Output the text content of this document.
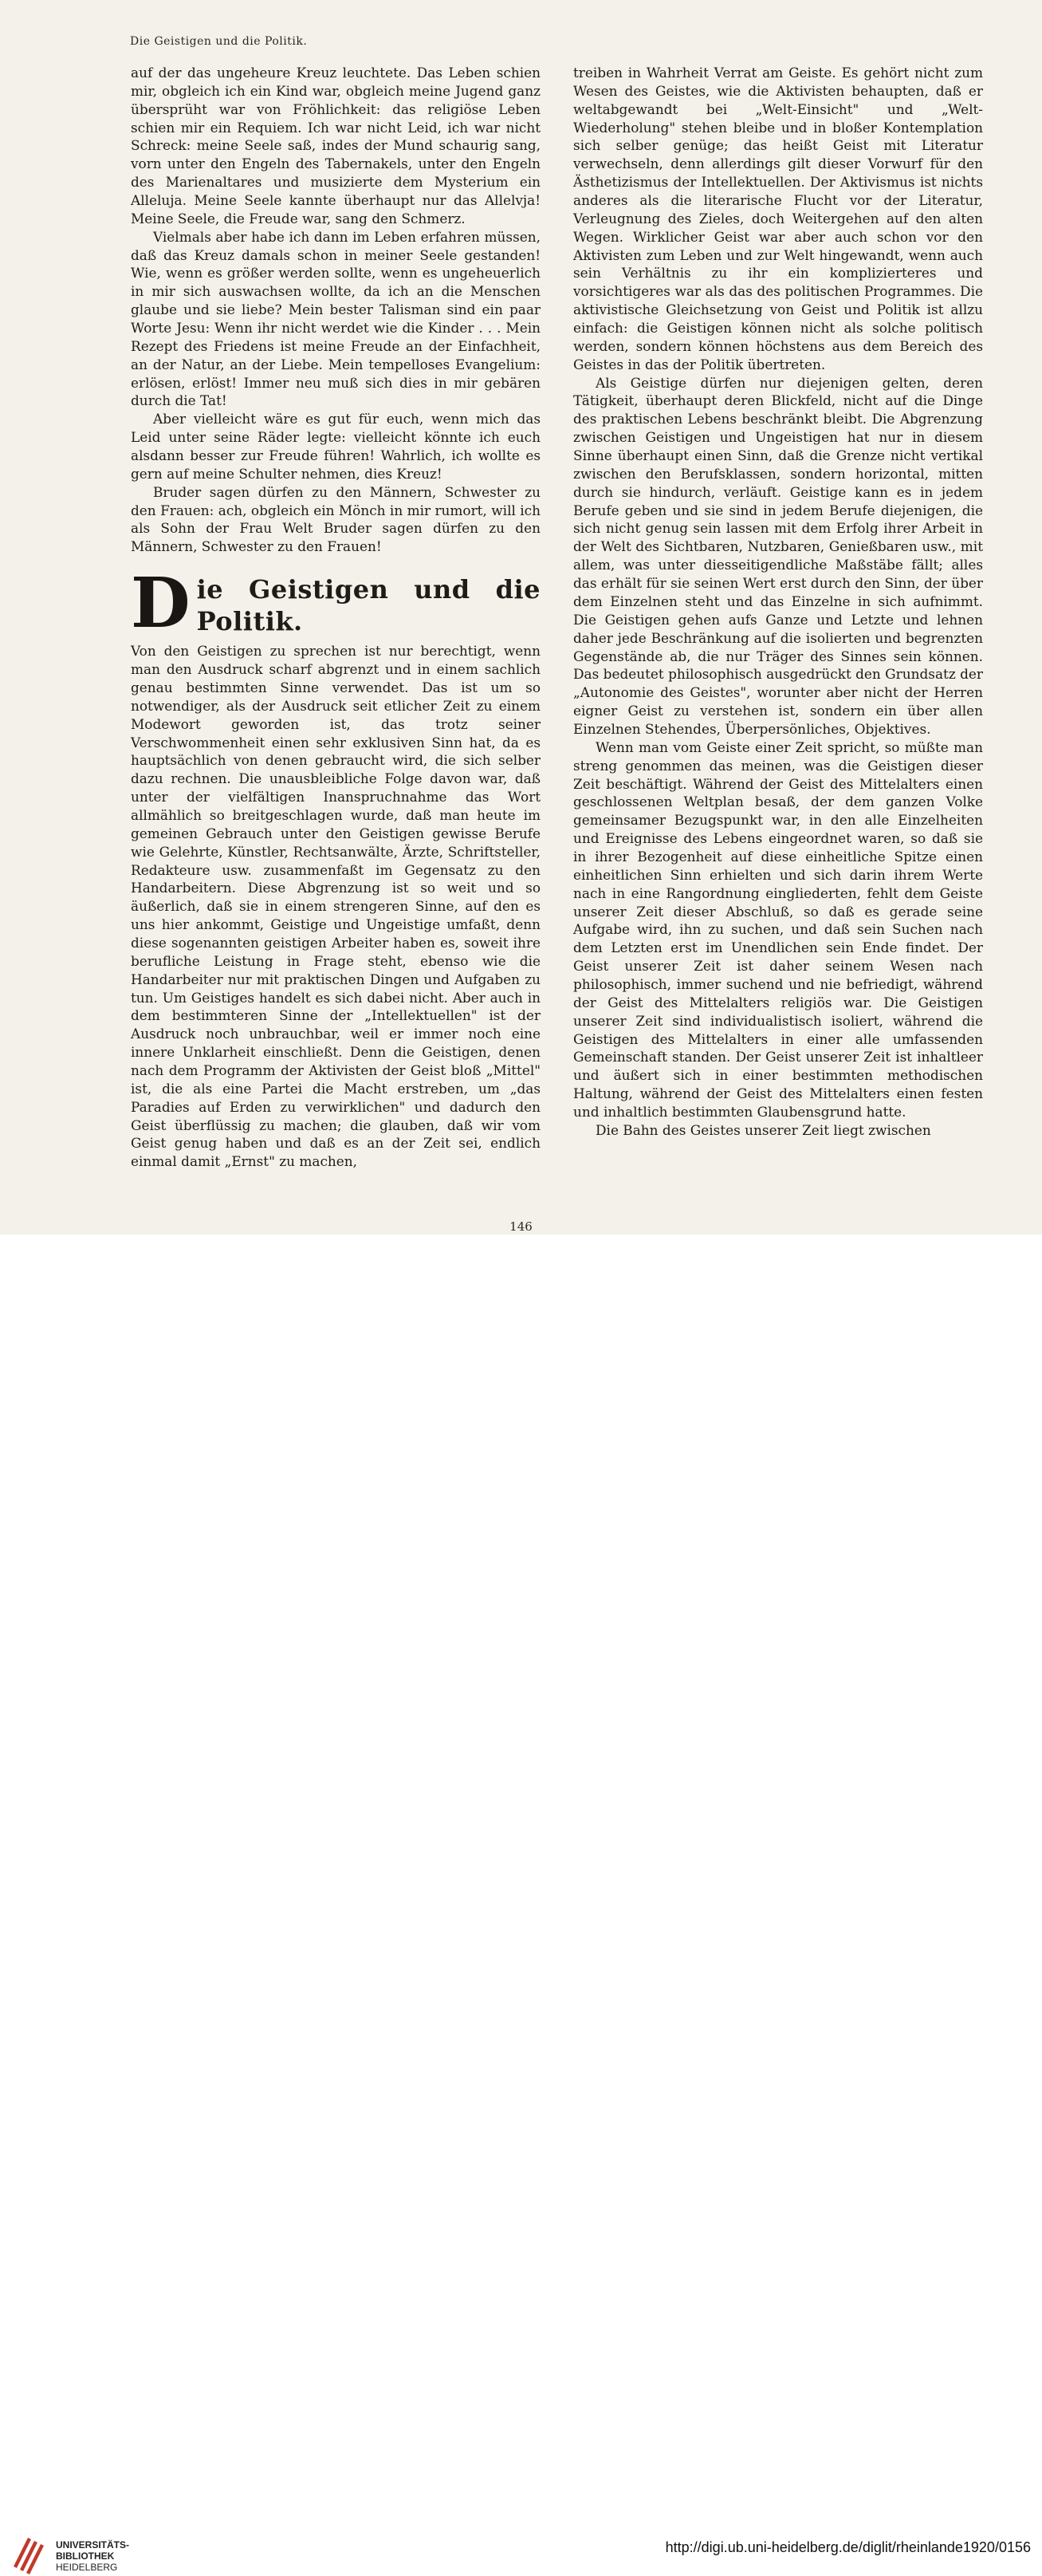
Die Geistigen und die Politik.

auf der das ungeheure Kreuz leuchtete. Das Leben schien mir, obgleich ich ein Kind war, obgleich meine Jugend ganz übersprüht war von Fröhlichkeit: das religiöse Leben schien mir ein Requiem. Ich war nicht Leid, ich war nicht Schreck: meine Seele saß, indes der Mund schaurig sang, vorn unter den Engeln des Tabernakels, unter den Engeln des Marienaltares und musizierte dem Mysterium ein Alleluja. Meine Seele kannte überhaupt nur das Allelvja! Meine Seele, die Freude war, sang den Schmerz.

Vielmals aber habe ich dann im Leben erfahren müssen, daß das Kreuz damals schon in meiner Seele gestanden! Wie, wenn es größer werden sollte, wenn es ungeheuerlich in mir sich auswachsen wollte, da ich an die Menschen glaube und sie liebe? Mein bester Talisman sind ein paar Worte Jesu: Wenn ihr nicht werdet wie die Kinder . . . Mein Rezept des Friedens ist meine Freude an der Einfachheit, an der Natur, an der Liebe. Mein tempelloses Evangelium: erlösen, erlöst! Immer neu muß sich dies in mir gebären durch die Tat!

Aber vielleicht wäre es gut für euch, wenn mich das Leid unter seine Räder legte: vielleicht könnte ich euch alsdann besser zur Freude führen! Wahrlich, ich wollte es gern auf meine Schulter nehmen, dies Kreuz!

Bruder sagen dürfen zu den Männern, Schwester zu den Frauen: ach, obgleich ein Mönch in mir rumort, will ich als Sohn der Frau Welt Bruder sagen dürfen zu den Männern, Schwester zu den Frauen!

D ie Geistigen und die Politik.

Von den Geistigen zu sprechen ist nur berechtigt, wenn man den Ausdruck scharf abgrenzt und in einem sachlich genau bestimmten Sinne verwendet. Das ist um so notwendiger, als der Ausdruck seit etlicher Zeit zu einem Modewort geworden ist, das trotz seiner Verschwommenheit einen sehr exklusiven Sinn hat, da es hauptsächlich von denen gebraucht wird, die sich selber dazu rechnen. Die unausbleibliche Folge davon war, daß unter der vielfältigen Inanspruchnahme das Wort allmählich so breitgeschlagen wurde, daß man heute im gemeinen Gebrauch unter den Geistigen gewisse Berufe wie Gelehrte, Künstler, Rechtsanwälte, Ärzte, Schriftsteller, Redakteure usw. zusammenfaßt im Gegensatz zu den Handarbeitern. Diese Abgrenzung ist so weit und so äußerlich, daß sie in einem strengeren Sinne, auf den es uns hier ankommt, Geistige und Ungeistige umfaßt, denn diese sogenannten geistigen Arbeiter haben es, soweit ihre berufliche Leistung in Frage steht, ebenso wie die Handarbeiter nur mit praktischen Dingen und Aufgaben zu tun. Um Geistiges handelt es sich dabei nicht. Aber auch in dem bestimmteren Sinne der „Intellektuellen" ist der Ausdruck noch unbrauchbar, weil er immer noch eine innere Unklarheit einschließt. Denn die Geistigen, denen nach dem Programm der Aktivisten der Geist bloß „Mittel" ist, die als eine Partei die Macht erstreben, um „das Paradies auf Erden zu verwirklichen" und dadurch den Geist überflüssig zu machen; die glauben, daß wir vom Geist genug haben und daß es an der Zeit sei, endlich einmal damit „Ernst" zu machen,

treiben in Wahrheit Verrat am Geiste. Es gehört nicht zum Wesen des Geistes, wie die Aktivisten behaupten, daß er weltabgewandt bei „Welt-Einsicht" und „Welt-Wiederholung" stehen bleibe und in bloßer Kontemplation sich selber genüge; das heißt Geist mit Literatur verwechseln, denn allerdings gilt dieser Vorwurf für den Ästhetizismus der Intellektuellen. Der Aktivismus ist nichts anderes als die literarische Flucht vor der Literatur, Verleugnung des Zieles, doch Weitergehen auf den alten Wegen. Wirklicher Geist war aber auch schon vor den Aktivisten zum Leben und zur Welt hingewandt, wenn auch sein Verhältnis zu ihr ein komplizierteres und vorsichtigeres war als das des politischen Programmes. Die aktivistische Gleichsetzung von Geist und Politik ist allzu einfach: die Geistigen können nicht als solche politisch werden, sondern können höchstens aus dem Bereich des Geistes in das der Politik übertreten.

Als Geistige dürfen nur diejenigen gelten, deren Tätigkeit, überhaupt deren Blickfeld, nicht auf die Dinge des praktischen Lebens beschränkt bleibt. Die Abgrenzung zwischen Geistigen und Ungeistigen hat nur in diesem Sinne überhaupt einen Sinn, daß die Grenze nicht vertikal zwischen den Berufsklassen, sondern horizontal, mitten durch sie hindurch, verläuft. Geistige kann es in jedem Berufe geben und sie sind in jedem Berufe diejenigen, die sich nicht genug sein lassen mit dem Erfolg ihrer Arbeit in der Welt des Sichtbaren, Nutzbaren, Genießbaren usw., mit allem, was unter diesseitigendliche Maßstäbe fällt; alles das erhält für sie seinen Wert erst durch den Sinn, der über dem Einzelnen steht und das Einzelne in sich aufnimmt. Die Geistigen gehen aufs Ganze und Letzte und lehnen daher jede Beschränkung auf die isolierten und begrenzten Gegenstände ab, die nur Träger des Sinnes sein können. Das bedeutet philosophisch ausgedrückt den Grundsatz der „Autonomie des Geistes", worunter aber nicht der Herren eigner Geist zu verstehen ist, sondern ein über allen Einzelnen Stehendes, Überpersönliches, Objektives.

Wenn man vom Geiste einer Zeit spricht, so müßte man streng genommen das meinen, was die Geistigen dieser Zeit beschäftigt. Während der Geist des Mittelalters einen geschlossenen Weltplan besaß, der dem ganzen Volke gemeinsamer Bezugspunkt war, in den alle Einzelheiten und Ereignisse des Lebens eingeordnet waren, so daß sie in ihrer Bezogenheit auf diese einheitliche Spitze einen einheitlichen Sinn erhielten und sich darin ihrem Werte nach in eine Rangordnung eingliederten, fehlt dem Geiste unserer Zeit dieser Abschluß, so daß es gerade seine Aufgabe wird, ihn zu suchen, und daß sein Suchen nach dem Letzten erst im Unendlichen sein Ende findet. Der Geist unserer Zeit ist daher seinem Wesen nach philosophisch, immer suchend und nie befriedigt, während der Geist des Mittelalters religiös war. Die Geistigen unserer Zeit sind individualistisch isoliert, während die Geistigen des Mittelalters in einer alle umfassenden Gemeinschaft standen. Der Geist unserer Zeit ist inhaltleer und äußert sich in einer bestimmten methodischen Haltung, während der Geist des Mittelalters einen festen und inhaltlich bestimmten Glaubensgrund hatte.

Die Bahn des Geistes unserer Zeit liegt zwischen

146
UNIVERSITÄTS-
BIBLIOTHEK
HEIDELBERG
http://digi.ub.uni-heidelberg.de/diglit/rheinlande1920/0156
